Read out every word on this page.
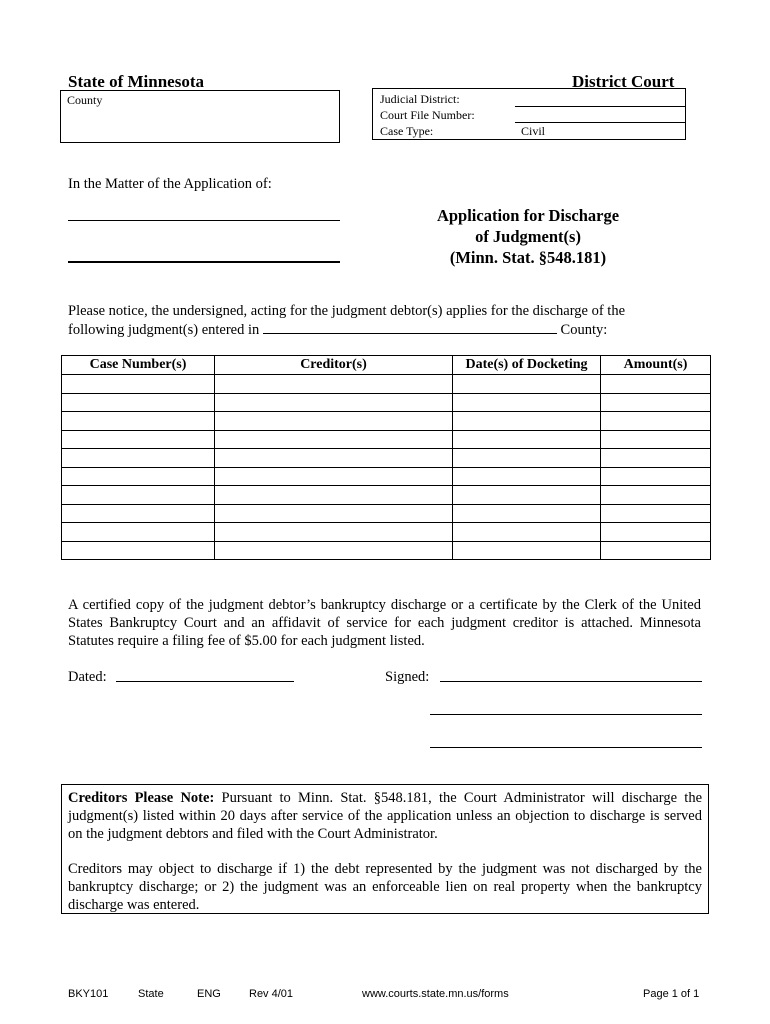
State of Minnesota	District Court
County	Judicial District:
Court File Number:
Case Type:	Civil
In the Matter of the Application of:
Application for Discharge
of Judgment(s)
(Minn. Stat. §548.181)
Please notice, the undersigned, acting for the judgment debtor(s) applies for the discharge of the
following judgment(s) entered in	County:
Case Number(s)	Creditor(s)	Date(s) of Docketing	Amount(s)

A certified copy of the judgment debtor’s bankruptcy discharge or a certificate by the Clerk of the United States Bankruptcy Court and an affidavit of service for each judgment creditor is attached. Minnesota Statutes require a filing fee of $5.00 for each judgment listed.
Dated:	Signed:
Creditors Please Note: Pursuant to Minn. Stat. §548.181, the Court Administrator will discharge the judgment(s) listed within 20 days after service of the application unless an objection to discharge is served on the judgment debtors and filed with the Court Administrator.
Creditors may object to discharge if 1) the debt represented by the judgment was not discharged by the bankruptcy discharge; or 2) the judgment was an enforceable lien on real property when the bankruptcy discharge was entered.
BKY101	State	ENG	Rev 4/01	www.courts.state.mn.us/forms	Page 1 of 1
